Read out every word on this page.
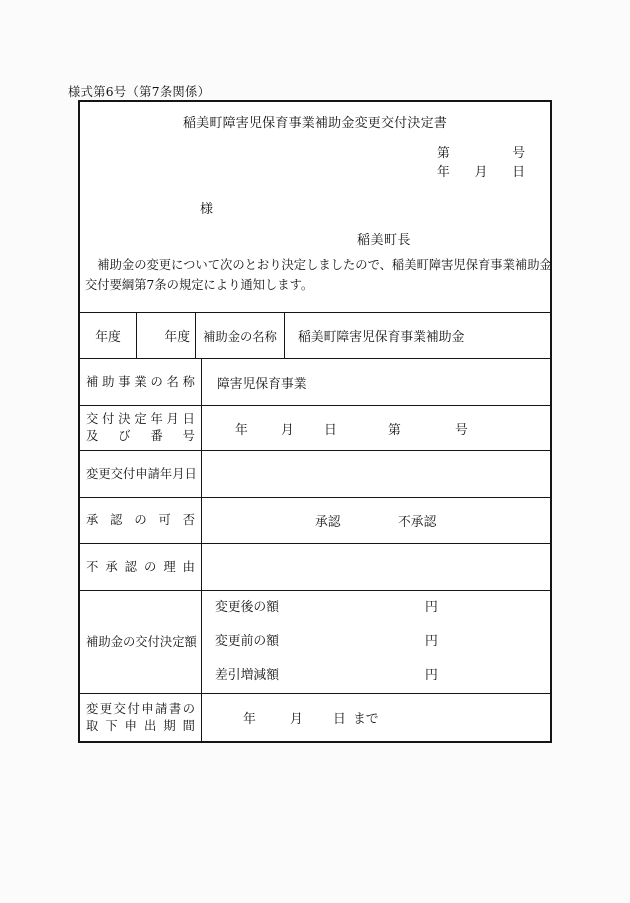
様式第6号（第7条関係）
稲美町障害児保育事業補助金変更交付決定書
第	号
年 月 日
様
稲美町長
　補助金の変更について次のとおり決定しましたので、稲美町障害児保育事業補助金
交付要綱第7条の規定により通知します。
年度	年度 補助金の名称 稲美町障害児保育事業補助金
補 助 事 業 の 名 称 障害児保育事業
交 付 決 定 年 月 日
及 び 番 号	年	月 日	第	号
変 更 交 付 申 請 年 月 日
承 認 の 可 否	承認	不承認
不 承 認 の 理 由
補 助 金 の 交 付 決 定 額
変更後の額	円
変更前の額	円
差引増減額	円
変 更 交 付 申 請 書 の
取 下 申 出 期 間	年	月 日 まで
